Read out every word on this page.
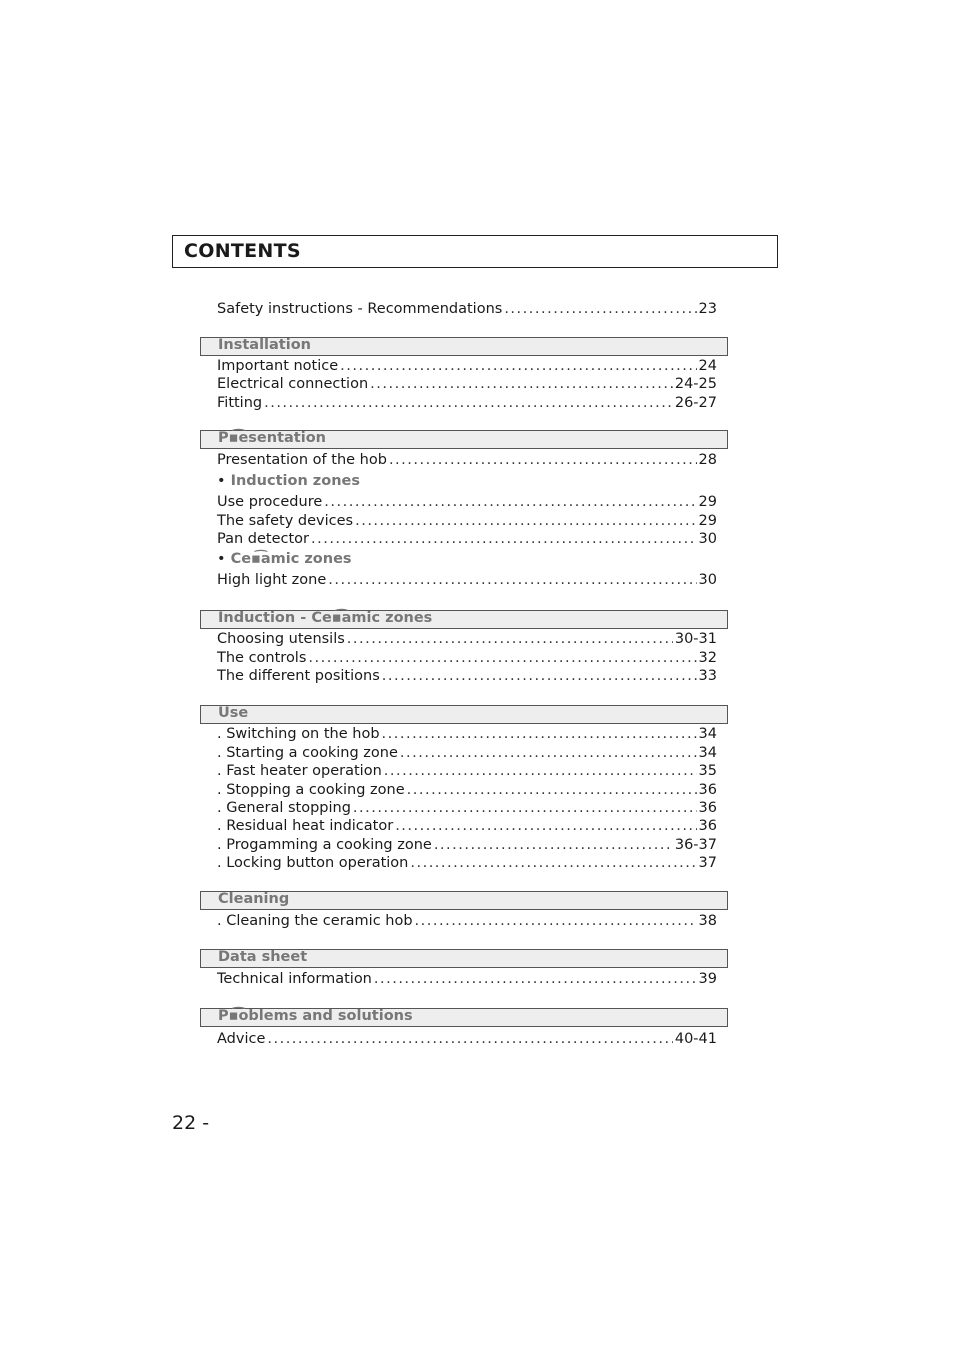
CONTENTS
Safety instructions - Recommendations .....	23
Installation
Important notice .....	24
Electrical connection .....	24-25
Fitting .....	26-27
P▪͡esentation
Presentation of the hob .....	28
• Induction zones
Use procedure .....	29
The safety devices .....	29
Pan detector .....	30
• Ce▪͡amic zones
High light zone .....	30
Induction - Ce▪͡amic zones
Choosing utensils .....	30-31
The controls .....	32
The different positions .....	33
Use
. Switching on the hob .....	34
. Starting a cooking zone .....	34
. Fast heater operation .....	35
. Stopping a cooking zone .....	36
. General stopping .....	36
. Residual heat indicator .....	36
. Progamming a cooking zone .....	36-37
. Locking button operation .....	37
Cleaning
. Cleaning the ceramic hob .....	38
Data sheet
Technical information .....	39
P▪͡oblems and solutions
Advice .....	40-41
22 -
